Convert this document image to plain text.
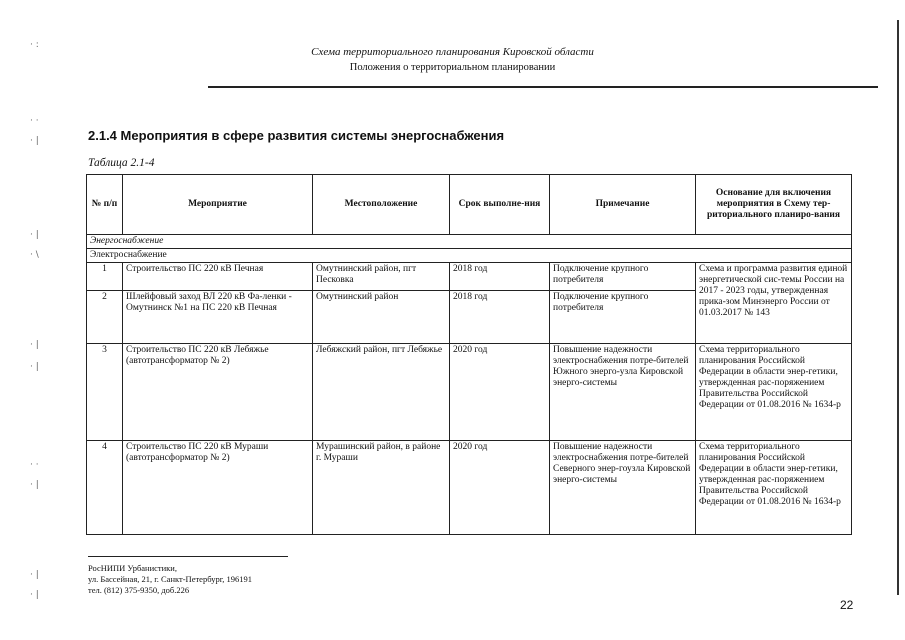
· :
· ·
· |
· |
· \
· |
· |
· ·
· |
· |
· |
Схема территориального планирования Кировской области
Положения о территориальном планировании
2.1.4 Мероприятия в сфере развития системы энергоснабжения
Таблица 2.1-4
№ п/п	Мероприятие	Местоположение	Срок выполне-ния	Примечание	Основание для включения мероприятия в Схему тер-риториального планиро-вания
Энергоснабжение					
Электроснабжение					
1	Строительство ПС 220 кВ Печная	Омутнинский район, пгт Песковка	2018 год	Подключение крупного потребителя	Схема и программа развития единой энергетической сис-темы России на 2017 - 2023 годы, утвержденная прика-зом Минэнерго России от 01.03.2017 № 143
2	Шлейфовый заход ВЛ 220 кВ Фа-ленки - Омутнинск №1 на ПС 220 кВ Печная	Омутнинский район	2018 год	Подключение крупного потребителя	
3	Строительство ПС 220 кВ Лебяжье (автотрансформатор № 2)	Лебяжский район, пгт Лебяжье	2020 год	Повышение надежности электроснабжения потре-бителей Южного энерго-узла Кировской энерго-системы	Схема территориального планирования Российской Федерации в области энер-гетики, утвержденная рас-поряжением Правительства Российской Федерации от 01.08.2016 № 1634-р
4	Строительство ПС 220 кВ Мураши (автотрансформатор № 2)	Мурашинский район, в районе г. Мураши	2020 год	Повышение надежности электроснабжения потре-бителей Северного энер-гоузла Кировской энерго-системы	Схема территориального планирования Российской Федерации в области энер-гетики, утвержденная рас-поряжением Правительства Российской Федерации от 01.08.2016 № 1634-р
РосНИПИ Урбанистики,
ул. Бассейная, 21, г. Санкт-Петербург, 196191
тел. (812) 375-9350, доб.226
22
